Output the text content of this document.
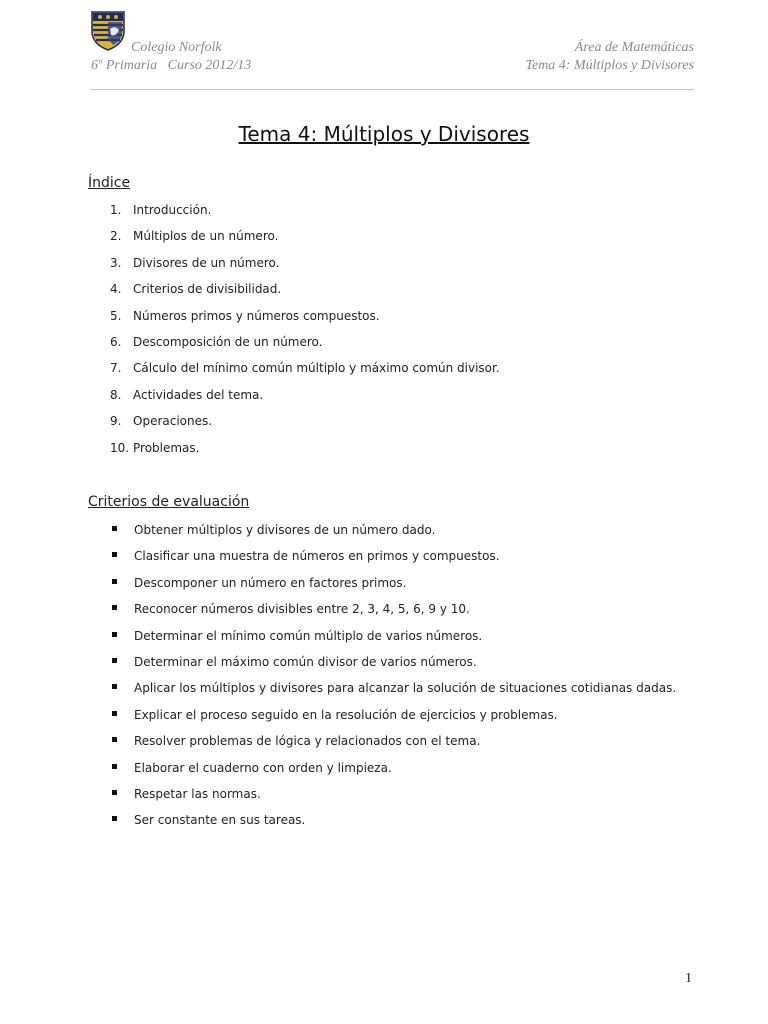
Colegio Norfolk
6º Primaria   Curso 2012/13
Área de Matemáticas
Tema 4: Múltiplos y Divisores
Tema 4: Múltiplos y Divisores
Índice
1. Introducción.
2. Múltiplos de un número.
3. Divisores de un número.
4. Criterios de divisibilidad.
5. Números primos y números compuestos.
6. Descomposición de un número.
7. Cálculo del mínimo común múltiplo y máximo común divisor.
8. Actividades del tema.
9. Operaciones.
10. Problemas.
Criterios de evaluación
Obtener múltiplos y divisores de un número dado.
Clasificar una muestra de números en primos y compuestos.
Descomponer un número en factores primos.
Reconocer números divisibles entre 2, 3, 4, 5, 6, 9 y 10.
Determinar el mínimo común múltiplo de varios números.
Determinar el máximo común divisor de varios números.
Aplicar los múltiplos y divisores para alcanzar la solución de situaciones cotidianas dadas.
Explicar el proceso seguido en la resolución de ejercicios y problemas.
Resolver problemas de lógica y relacionados con el tema.
Elaborar el cuaderno con orden y limpieza.
Respetar las normas.
Ser constante en sus tareas.
1
